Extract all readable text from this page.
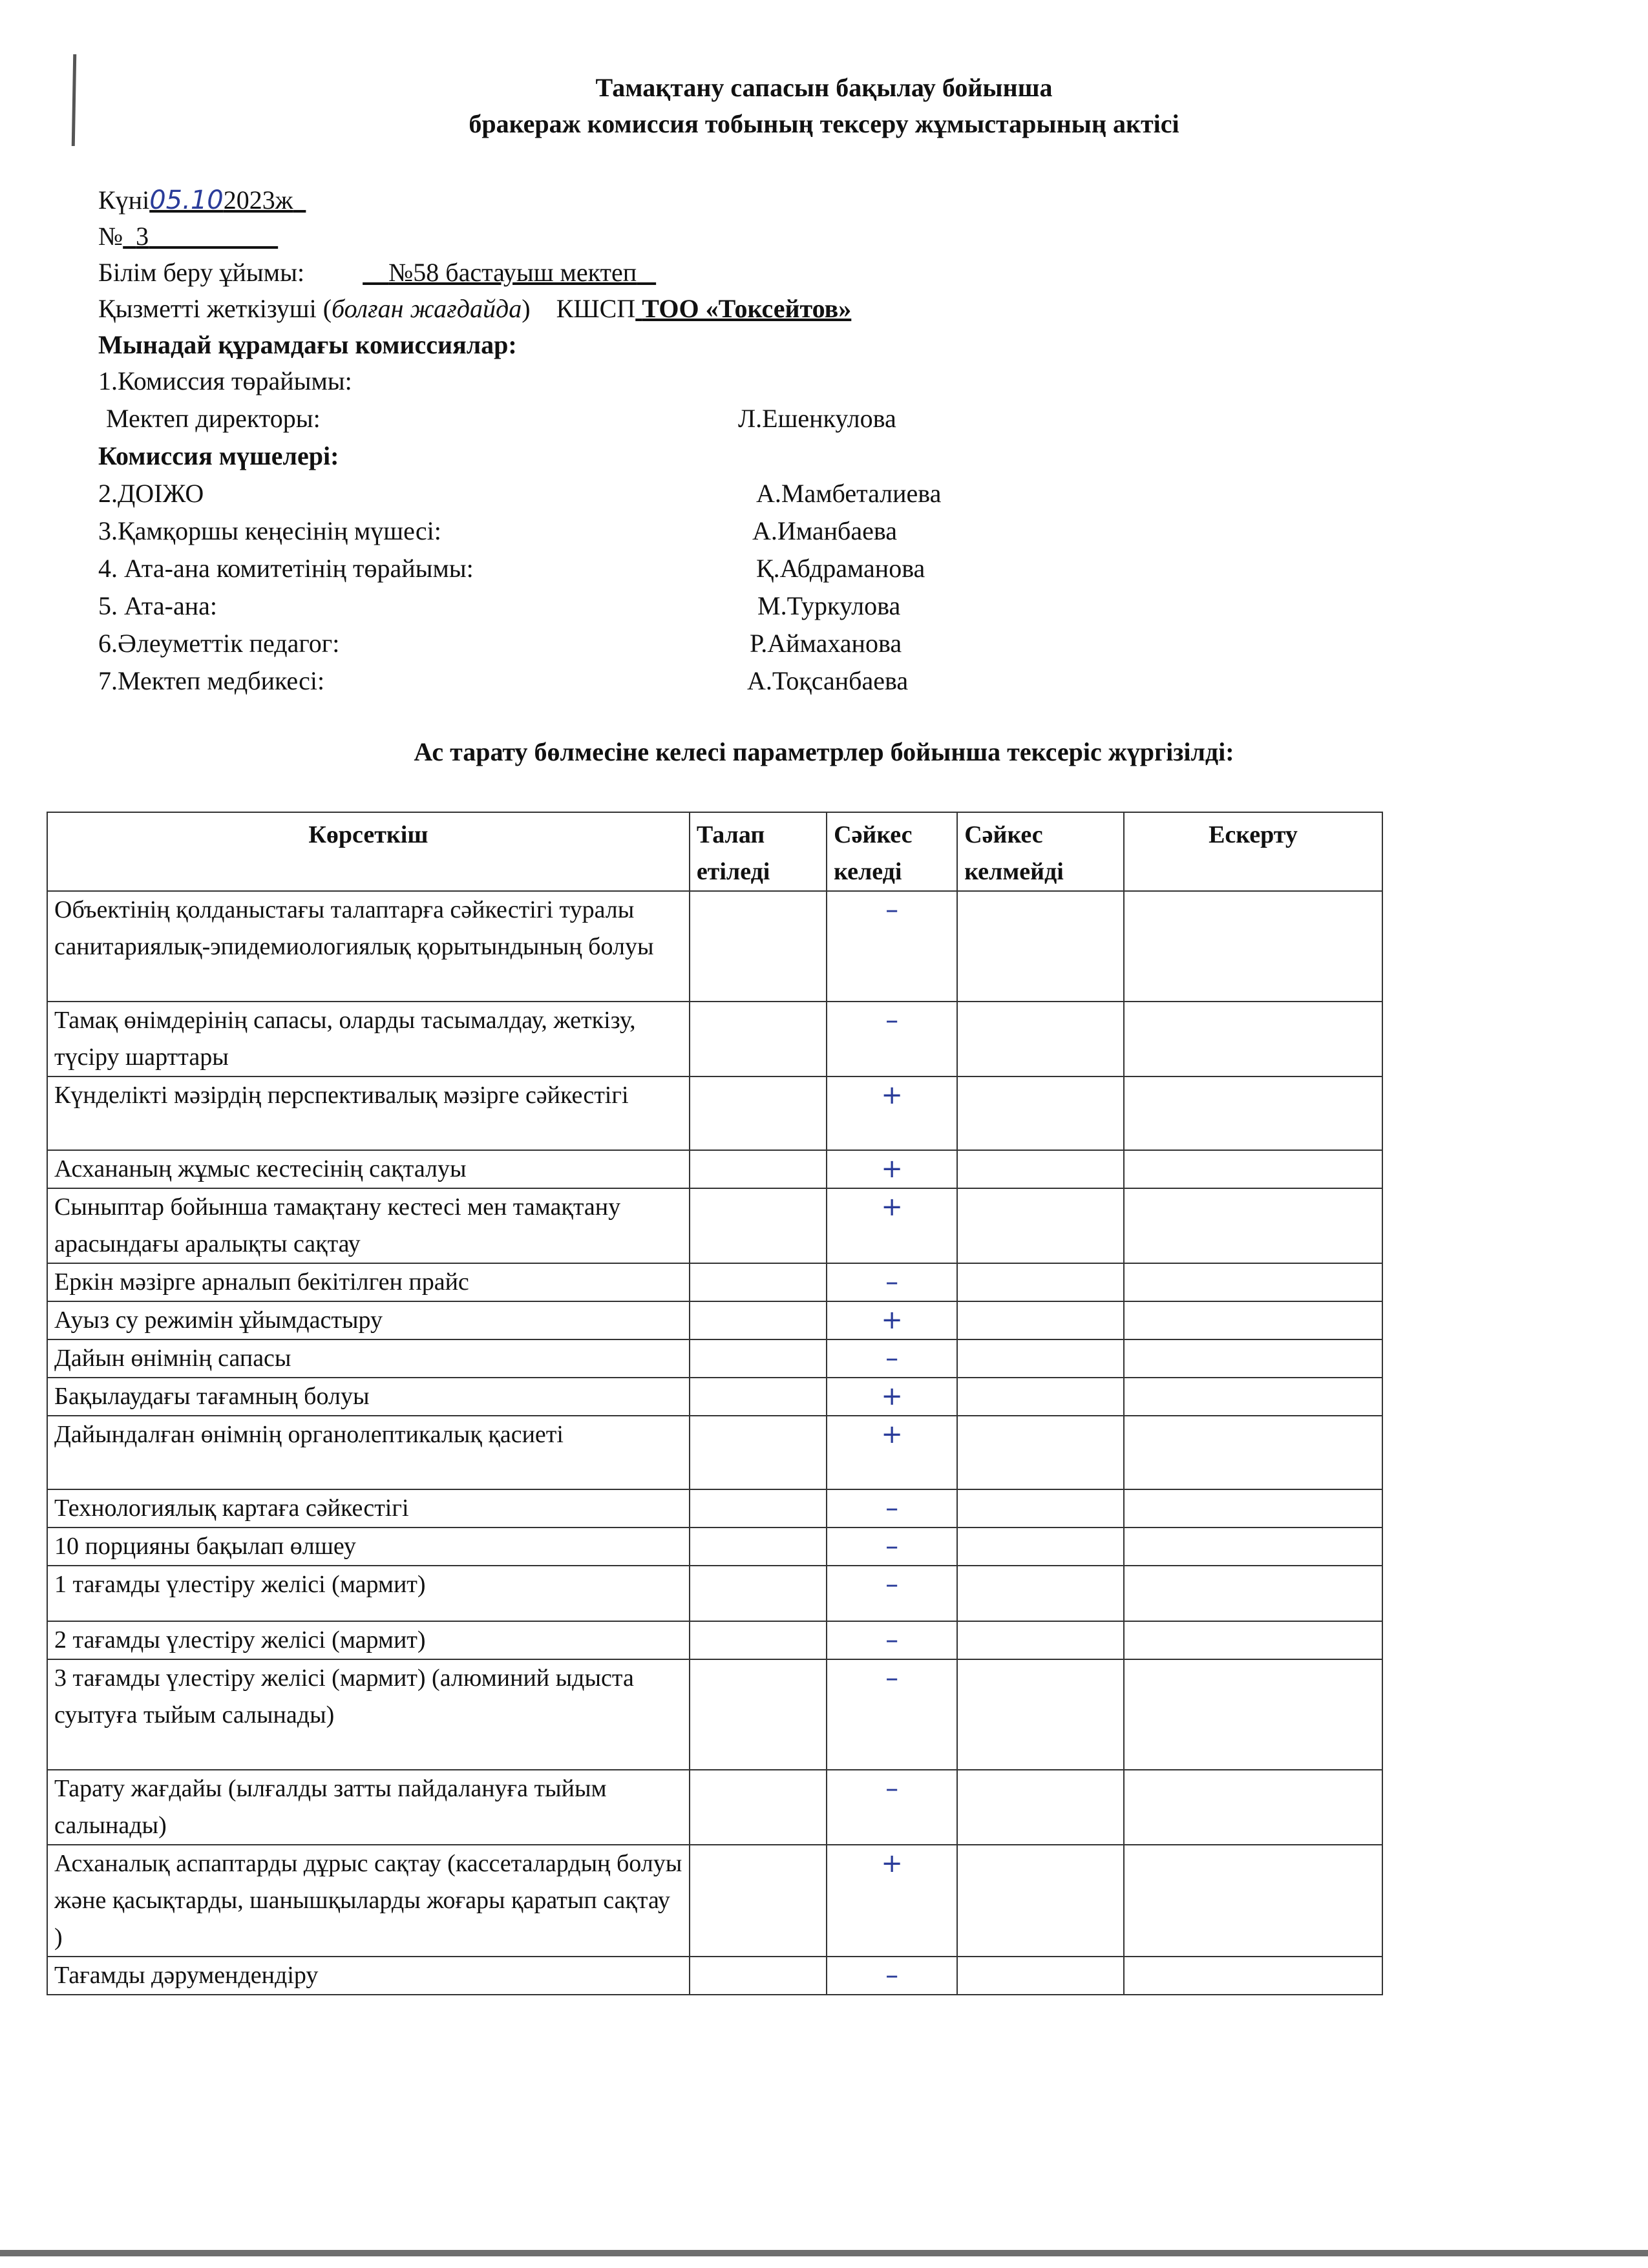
Тамақтану сапасын бақылау бойынша
бракераж комиссия тобының тексеру жұмыстарының актісі
Күні05.102023ж
№ 3
Білім беру ұйымы:	№58 бастауыш мектеп
Қызметті жеткізуші (болған жағдайда) КШСП ТОО «Токсейтов»
Мынадай құрамдағы комиссиялар:
1.Комиссия төрайымы:
Мектеп директоры:	Л.Ешенкулова
Комиссия мүшелері:
2.ДОІЖО	А.Мамбеталиева
3.Қамқоршы кеңесінің мүшесі:	А.Иманбаева
4. Ата-ана комитетінің төрайымы:	Қ.Абдраманова
5. Ата-ана:	М.Туркулова
6.Әлеуметтік педагог:	Р.Аймаханова
7.Мектеп медбикесі:	А.Тоқсанбаева
Ас тарату бөлмесіне келесі параметрлер бойынша тексеріс жүргізілді:
Көрсеткіш	Талап етіледі	Сәйкес келеді	Сәйкес келмейді	Ескерту
Объектінің қолданыстағы талаптарға сәйкестігі туралы санитариялық-эпидемиологиялық қорытындының болуы		–		
Тамақ өнімдерінің сапасы, оларды тасымалдау, жеткізу, түсіру шарттары		–		
Күнделікті мәзірдің перспективалық мәзірге сәйкестігі		+		
Асхананың жұмыс кестесінің сақталуы		+		
Сыныптар бойынша тамақтану кестесі мен тамақтану арасындағы аралықты сақтау		+		
Еркін мәзірге арналып бекітілген прайс		–		
Ауыз су режимін ұйымдастыру		+		
Дайын өнімнің сапасы		–		
Бақылаудағы тағамның болуы		+		
Дайындалған өнімнің органолептикалық қасиеті		+		
Технологиялық картаға сәйкестігі		–		
10 порцияны бақылап өлшеу		–		
1 тағамды үлестіру желісі (мармит)		–		
2 тағамды үлестіру желісі (мармит)		–		
3 тағамды үлестіру желісі (мармит) (алюминий ыдыста суытуға тыйым салынады)		–		
Тарату жағдайы (ылғалды затты пайдалануға тыйым салынады)		–		
Асханалық аспаптарды дұрыс сақтау (кассеталардың болуы және қасықтарды, шанышқыларды жоғары қаратып сақтау )		+		
Тағамды дәрумендендіру		–		
